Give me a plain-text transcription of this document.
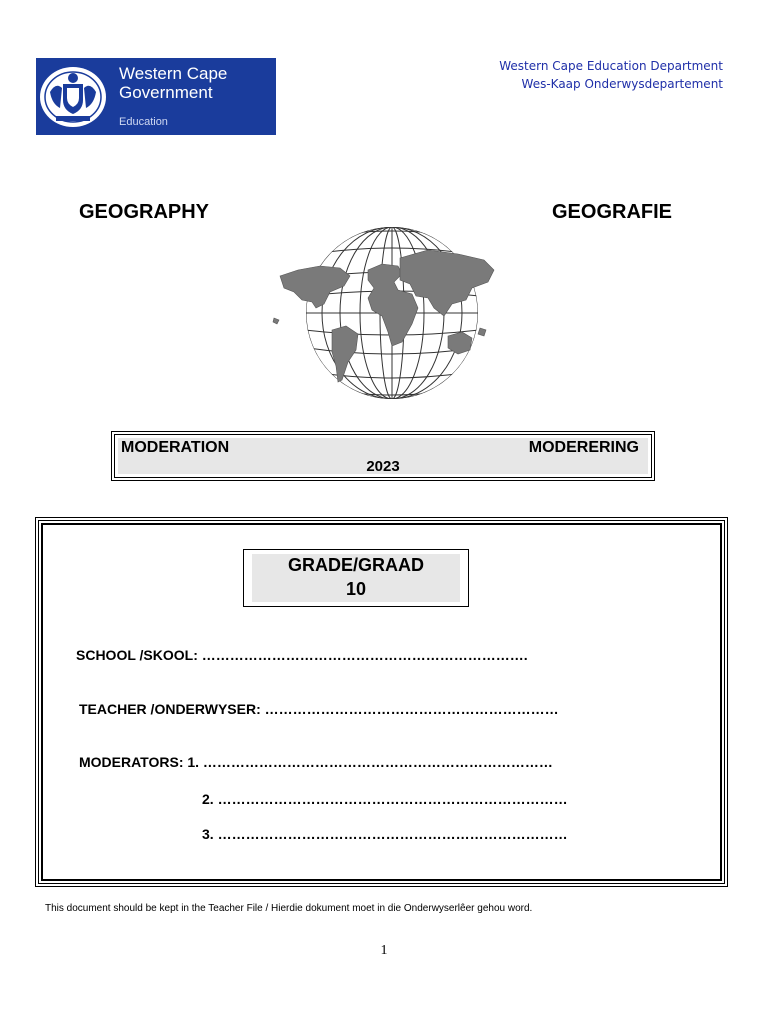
Western Cape
Government
Education
Western Cape Education Department
Wes-Kaap Onderwysdepartement
GEOGRAPHY	GEOGRAFIE
MODERATION	MODERERING
2023
GRADE/GRAAD
10
SCHOOL /SKOOL: …………………………………………………………….
TEACHER /ONDERWYSER: ………………………………………………………
MODERATORS: 1. …………………………………………………………………
2. …………………………………………………………………
3. …………………………………………………………………
This document should be kept in the Teacher File / Hierdie dokument moet in die Onderwyserlêer gehou word.
1
